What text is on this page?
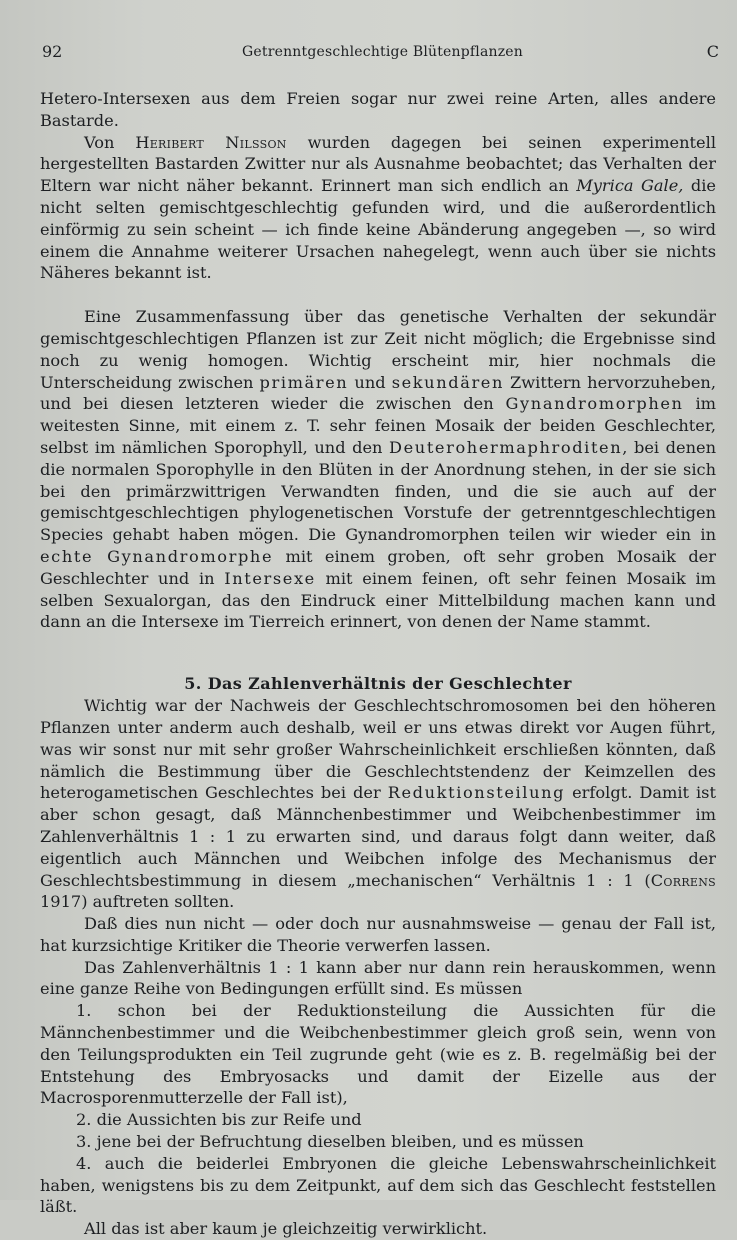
92	Getrenntgeschlechtige Blütenpflanzen	C

Hetero-Intersexen aus dem Freien sogar nur zwei reine Arten, alles andere Bastarde.

Von Heribert Nilsson wurden dagegen bei seinen experimentell hergestellten Bastarden Zwitter nur als Ausnahme beobachtet; das Verhalten der Eltern war nicht näher bekannt. Erinnert man sich endlich an Myrica Gale, die nicht selten gemischtgeschlechtig gefunden wird, und die außerordentlich einförmig zu sein scheint — ich finde keine Abänderung angegeben —, so wird einem die Annahme weiterer Ursachen nahegelegt, wenn auch über sie nichts Näheres bekannt ist.

Eine Zusammenfassung über das genetische Verhalten der sekundär gemischtgeschlechtigen Pflanzen ist zur Zeit nicht möglich; die Ergebnisse sind noch zu wenig homogen. Wichtig erscheint mir, hier nochmals die Unterscheidung zwischen primären und sekundären Zwittern hervorzuheben, und bei diesen letzteren wieder die zwischen den Gynandromorphen im weitesten Sinne, mit einem z. T. sehr feinen Mosaik der beiden Geschlechter, selbst im nämlichen Sporophyll, und den Deuterohermaphroditen, bei denen die normalen Sporophylle in den Blüten in der Anordnung stehen, in der sie sich bei den primärzwittrigen Verwandten finden, und die sie auch auf der gemischtgeschlechtigen phylogenetischen Vorstufe der getrenntgeschlechtigen Species gehabt haben mögen. Die Gynandromorphen teilen wir wieder ein in echte Gynandromorphe mit einem groben, oft sehr groben Mosaik der Geschlechter und in Intersexe mit einem feinen, oft sehr feinen Mosaik im selben Sexualorgan, das den Eindruck einer Mittelbildung machen kann und dann an die Intersexe im Tierreich erinnert, von denen der Name stammt.

5. Das Zahlenverhältnis der Geschlechter

Wichtig war der Nachweis der Geschlechtschromosomen bei den höheren Pflanzen unter anderm auch deshalb, weil er uns etwas direkt vor Augen führt, was wir sonst nur mit sehr großer Wahrscheinlichkeit erschließen könnten, daß nämlich die Bestimmung über die Geschlechtstendenz der Keimzellen des heterogametischen Geschlechtes bei der Reduktionsteilung erfolgt. Damit ist aber schon gesagt, daß Männchenbestimmer und Weibchenbestimmer im Zahlenverhältnis 1 : 1 zu erwarten sind, und daraus folgt dann weiter, daß eigentlich auch Männchen und Weibchen infolge des Mechanismus der Geschlechtsbestimmung in diesem „mechanischen“ Verhältnis 1 : 1 (Correns 1917) auftreten sollten.

Daß dies nun nicht — oder doch nur ausnahmsweise — genau der Fall ist, hat kurzsichtige Kritiker die Theorie verwerfen lassen.

Das Zahlenverhältnis 1 : 1 kann aber nur dann rein herauskommen, wenn eine ganze Reihe von Bedingungen erfüllt sind. Es müssen

1. schon bei der Reduktionsteilung die Aussichten für die Männchenbestimmer und die Weibchenbestimmer gleich groß sein, wenn von den Teilungsprodukten ein Teil zugrunde geht (wie es z. B. regelmäßig bei der Entstehung des Embryosacks und damit der Eizelle aus der Macrosporenmutterzelle der Fall ist),

2. die Aussichten bis zur Reife und

3. jene bei der Befruchtung dieselben bleiben, und es müssen

4. auch die beiderlei Embryonen die gleiche Lebenswahrscheinlichkeit haben, wenigstens bis zu dem Zeitpunkt, auf dem sich das Geschlecht feststellen läßt.

All das ist aber kaum je gleichzeitig verwirklicht.
